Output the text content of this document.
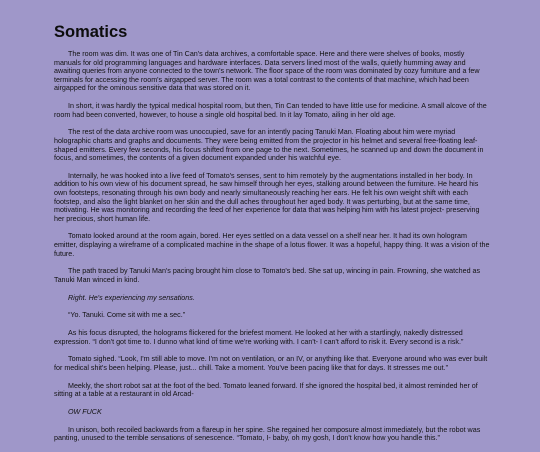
Somatics

The room was dim. It was one of Tin Can's data archives, a comfortable space. Here and there were shelves of books, mostly manuals for old programming languages and hardware interfaces. Data servers lined most of the walls, quietly humming away and awaiting queries from anyone connected to the town's network. The floor space of the room was dominated by cozy furniture and a few terminals for accessing the room's airgapped server. The room was a total contrast to the contents of that machine, which had been airgapped for the ominous sensitive data that was stored on it.

In short, it was hardly the typical medical hospital room, but then, Tin Can tended to have little use for medicine. A small alcove of the room had been converted, however, to house a single old hospital bed. In it lay Tomato, ailing in her old age.

The rest of the data archive room was unoccupied, save for an intently pacing Tanuki Man. Floating about him were myriad holographic charts and graphs and documents. They were being emitted from the projector in his helmet and several free-floating leaf-shaped emitters. Every few seconds, his focus shifted from one page to the next. Sometimes, he scanned up and down the document in focus, and sometimes, the contents of a given document expanded under his watchful eye.

Internally, he was hooked into a live feed of Tomato's senses, sent to him remotely by the augmentations installed in her body. In addition to his own view of his document spread, he saw himself through her eyes, stalking around between the furniture. He heard his own footsteps, resonating through his own body and nearly simultaneously reaching her ears. He felt his own weight shift with each footstep, and also the light blanket on her skin and the dull aches throughout her aged body. It was perturbing, but at the same time, motivating. He was monitoring and recording the feed of her experience for data that was helping him with his latest project- preserving her precious, short human life.

Tomato looked around at the room again, bored. Her eyes settled on a data vessel on a shelf near her. It had its own hologram emitter, displaying a wireframe of a complicated machine in the shape of a lotus flower. It was a hopeful, happy thing. It was a vision of the future.

The path traced by Tanuki Man's pacing brought him close to Tomato's bed. She sat up, wincing in pain. Frowning, she watched as Tanuki Man winced in kind.

Right. He's experiencing my sensations.

“Yo. Tanuki. Come sit with me a sec.”

As his focus disrupted, the holograms flickered for the briefest moment. He looked at her with a startlingly, nakedly distressed expression. “I don't got time to. I dunno what kind of time we're working with. I can't- I can't afford to risk it. Every second is a risk.”

Tomato sighed. “Look, I'm still able to move. I'm not on ventilation, or an IV, or anything like that. Everyone around who was ever built for medical shit's been helping. Please, just... chill. Take a moment. You've been pacing like that for days. It stresses me out.”

Meekly, the short robot sat at the foot of the bed. Tomato leaned forward. If she ignored the hospital bed, it almost reminded her of sitting at a table at a restaurant in old Arcad-

OW FUCK

In unison, both recoiled backwards from a flareup in her spine. She regained her composure almost immediately, but the robot was panting, unused to the terrible sensations of senescence. “Tomato, I- baby, oh my gosh, I don't know how you handle this.”
